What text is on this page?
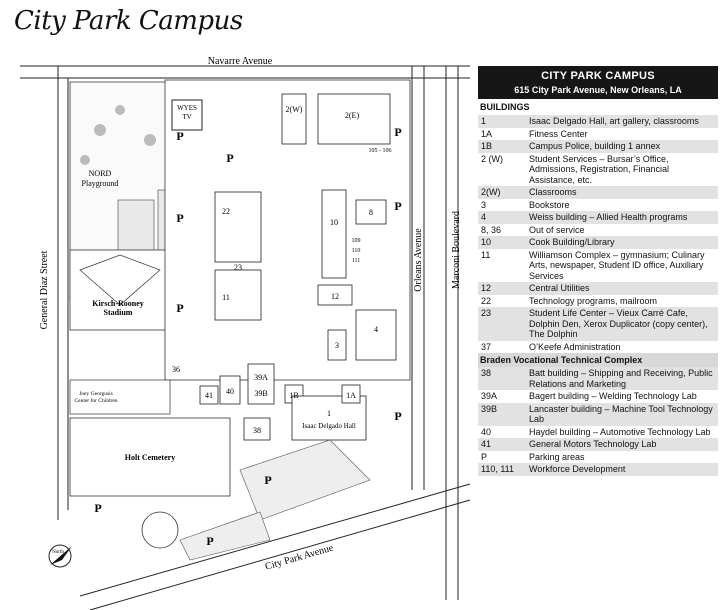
City Park Campus
NORD
Playground
Kirsch-Rooney
Stadium
WYES
TV
2(W)
2(E)
105 - 106
22
23
11
10
8
109
110
111
12
4
3
39A
39B
40
41	1B
1
1A
38
36
Isaac Delgado Hall
Joey Georgusis
Center for Children
Holt Cemetery
P
P
P
P
P
P
P
P
P
P
Navarre Avenue
General Diaz Street	Orleans Avenue	Marconi Boulevard
City Park Avenue
North
CITY PARK CAMPUS
615 City Park Avenue, New Orleans, LA
BUILDINGS
1	Isaac Delgado Hall, art gallery, classrooms
1A	Fitness Center
1B	Campus Police, building 1 annex
2 (W)	Student Services – Bursar’s Office, Admissions, Registration, Financial Assistance, etc.
2(W)	Classrooms
3	Bookstore
4	Weiss building – Allied Health programs
8, 36	Out of service
10	Cook Building/Library
11	Williamson Complex – gymnasium; Culinary Arts, newspaper, Student ID office, Auxiliary Services
12	Central Utilities
22	Technology programs, mailroom
23	Student Life Center – Vieux Carré Cafe, Dolphin Den, Xerox Duplicator (copy center), The Dolphin
37	O’Keefe Administration
Braden Vocational Technical Complex
38	Batt building – Shipping and Receiving, Public Relations and Marketing
39A	Bagert building – Welding Technology Lab
39B	Lancaster building – Machine Tool Technology Lab
40	Haydel building – Automotive Technology Lab
41	General Motors Technology Lab
P	Parking areas
110, 111	Workforce Development
